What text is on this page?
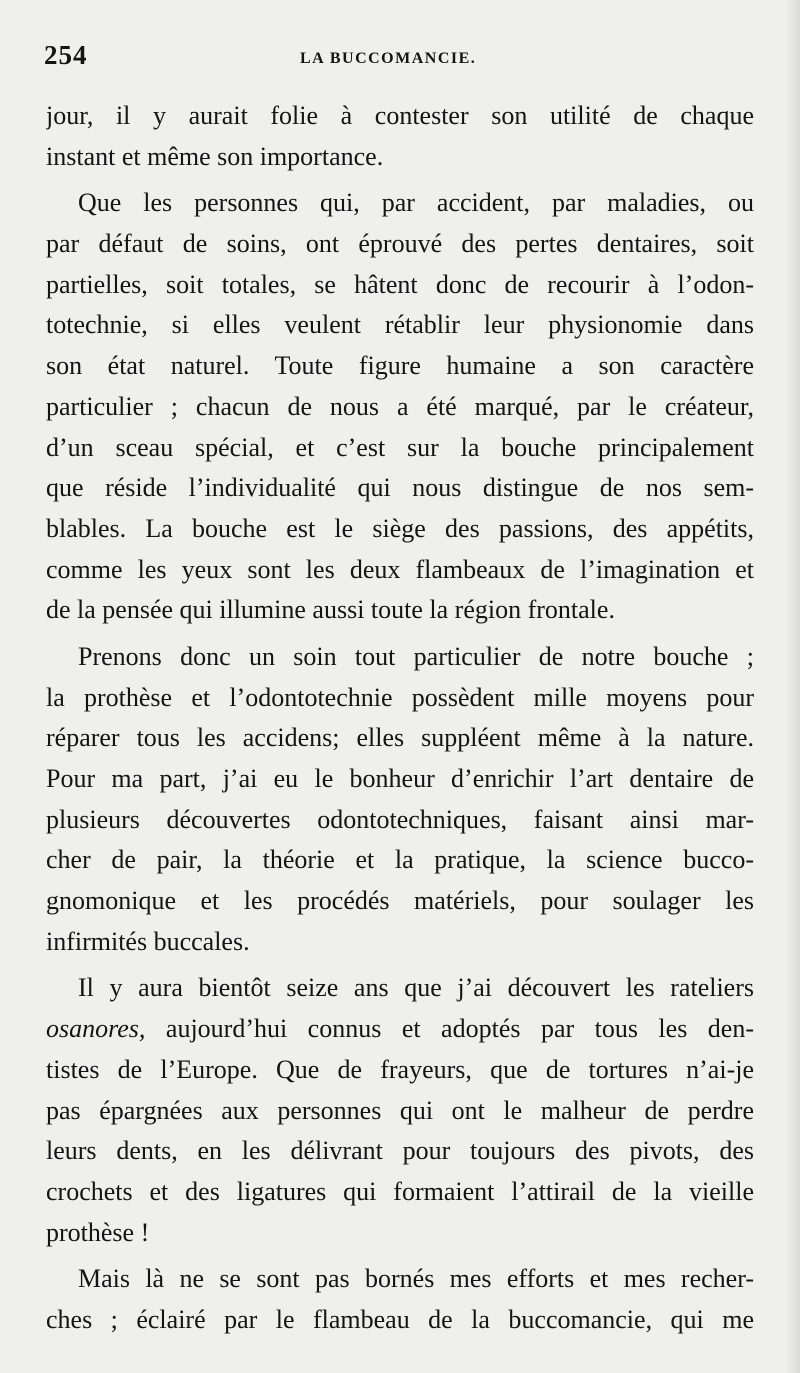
254	LA BUCCOMANCIE.
jour, il y aurait folie à contester son utilité de chaque
instant et même son importance.
Que les personnes qui, par accident, par maladies, ou
par défaut de soins, ont éprouvé des pertes dentaires, soit
partielles, soit totales, se hâtent donc de recourir à l’odon-
totechnie, si elles veulent rétablir leur physionomie dans
son état naturel. Toute figure humaine a son caractère
particulier ; chacun de nous a été marqué, par le créateur,
d’un sceau spécial, et c’est sur la bouche principalement
que réside l’individualité qui nous distingue de nos sem-
blables. La bouche est le siège des passions, des appétits,
comme les yeux sont les deux flambeaux de l’imagination et
de la pensée qui illumine aussi toute la région frontale.
Prenons donc un soin tout particulier de notre bouche ;
la prothèse et l’odontotechnie possèdent mille moyens pour
réparer tous les accidens; elles suppléent même à la nature.
Pour ma part, j’ai eu le bonheur d’enrichir l’art dentaire de
plusieurs découvertes odontotechniques, faisant ainsi mar-
cher de pair, la théorie et la pratique, la science bucco-
gnomonique et les procédés matériels, pour soulager les
infirmités buccales.
Il y aura bientôt seize ans que j’ai découvert les rateliers
osanores, aujourd’hui connus et adoptés par tous les den-
tistes de l’Europe. Que de frayeurs, que de tortures n’ai-je
pas épargnées aux personnes qui ont le malheur de perdre
leurs dents, en les délivrant pour toujours des pivots, des
crochets et des ligatures qui formaient l’attirail de la vieille
prothèse !
Mais là ne se sont pas bornés mes efforts et mes recher-
ches ; éclairé par le flambeau de la buccomancie, qui me
